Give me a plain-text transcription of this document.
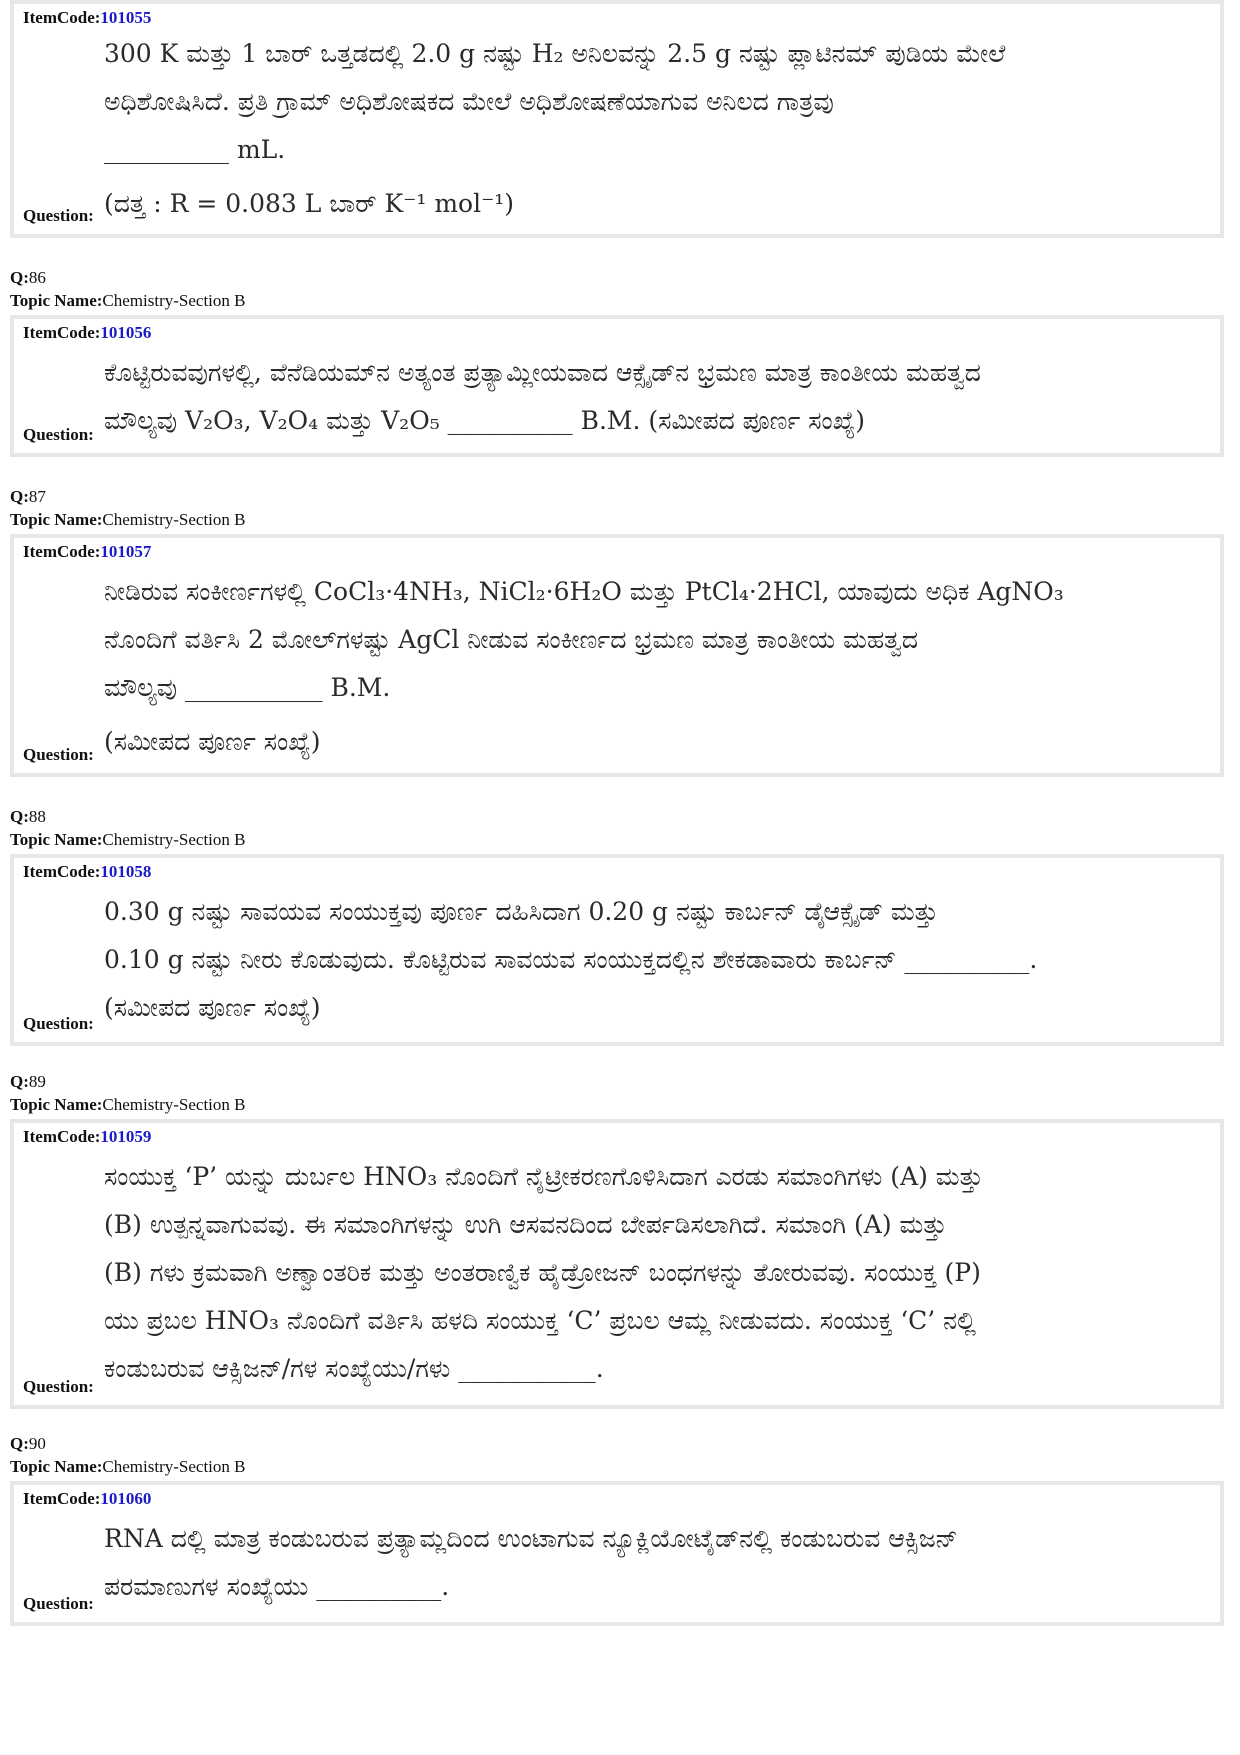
ItemCode:101055

300 K ಮತ್ತು 1 ಬಾರ್ ಒತ್ತಡದಲ್ಲಿ 2.0 g ನಷ್ಟು H₂ ಅನಿಲವನ್ನು 2.5 g ನಷ್ಟು ಪ್ಲಾಟಿನಮ್ ಪುಡಿಯ ಮೇಲೆ

ಅಧಿಶೋಷಿಸಿದೆ. ಪ್ರತಿ ಗ್ರಾಮ್ ಅಧಿಶೋಷಕದ ಮೇಲೆ ಅಧಿಶೋಷಣೆಯಾಗುವ ಅನಿಲದ ಗಾತ್ರವು

__________ mL.

(ದತ್ತ : R = 0.083 L ಬಾರ್ K⁻¹ mol⁻¹)

Question:
Q:86
Topic Name:Chemistry-Section B
ItemCode:101056

ಕೊಟ್ಟಿರುವವುಗಳಲ್ಲಿ, ವೆನೆಡಿಯಮ್‌ನ ಅತ್ಯಂತ ಪ್ರತ್ಯಾಮ್ಲೀಯವಾದ ಆಕ್ಸೈಡ್‌ನ ಭ್ರಮಣ ಮಾತ್ರ ಕಾಂತೀಯ ಮಹತ್ವದ

ಮೌಲ್ಯವು V₂O₃, V₂O₄ ಮತ್ತು V₂O₅ __________ B.M. (ಸಮೀಪದ ಪೂರ್ಣ ಸಂಖ್ಯೆ)

Question:
Q:87
Topic Name:Chemistry-Section B
ItemCode:101057

ನೀಡಿರುವ ಸಂಕೀರ್ಣಗಳಲ್ಲಿ CoCl₃·4NH₃, NiCl₂·6H₂O ಮತ್ತು PtCl₄·2HCl, ಯಾವುದು ಅಧಿಕ AgNO₃

ನೊಂದಿಗೆ ವರ್ತಿಸಿ 2 ಮೋಲ್‌ಗಳಷ್ಟು AgCl ನೀಡುವ ಸಂಕೀರ್ಣದ ಭ್ರಮಣ ಮಾತ್ರ ಕಾಂತೀಯ ಮಹತ್ವದ

ಮೌಲ್ಯವು ___________ B.M.

(ಸಮೀಪದ ಪೂರ್ಣ ಸಂಖ್ಯೆ)

Question:
Q:88
Topic Name:Chemistry-Section B
ItemCode:101058

0.30 g ನಷ್ಟು ಸಾವಯವ ಸಂಯುಕ್ತವು ಪೂರ್ಣ ದಹಿಸಿದಾಗ 0.20 g ನಷ್ಟು ಕಾರ್ಬನ್ ಡೈಆಕ್ಸೈಡ್ ಮತ್ತು

0.10 g ನಷ್ಟು ನೀರು ಕೊಡುವುದು. ಕೊಟ್ಟಿರುವ ಸಾವಯವ ಸಂಯುಕ್ತದಲ್ಲಿನ ಶೇಕಡಾವಾರು ಕಾರ್ಬನ್ __________.

(ಸಮೀಪದ ಪೂರ್ಣ ಸಂಖ್ಯೆ)

Question:
Q:89
Topic Name:Chemistry-Section B
ItemCode:101059

ಸಂಯುಕ್ತ ‘P’ ಯನ್ನು ದುರ್ಬಲ HNO₃ ನೊಂದಿಗೆ ನೈಟ್ರೀಕರಣಗೊಳಿಸಿದಾಗ ಎರಡು ಸಮಾಂಗಿಗಳು (A) ಮತ್ತು

(B) ಉತ್ಪನ್ನವಾಗುವವು. ಈ ಸಮಾಂಗಿಗಳನ್ನು ಉಗಿ ಆಸವನದಿಂದ ಬೇರ್ಪಡಿಸಲಾಗಿದೆ. ಸಮಾಂಗಿ (A) ಮತ್ತು

(B) ಗಳು ಕ್ರಮವಾಗಿ ಅಣ್ವಾಂತರಿಕ ಮತ್ತು ಅಂತರಾಣ್ವಿಕ ಹೈಡ್ರೋಜನ್ ಬಂಧಗಳನ್ನು ತೋರುವವು. ಸಂಯುಕ್ತ (P)

ಯು ಪ್ರಬಲ HNO₃ ನೊಂದಿಗೆ ವರ್ತಿಸಿ ಹಳದಿ ಸಂಯುಕ್ತ ‘C’ ಪ್ರಬಲ ಆಮ್ಲ ನೀಡುವದು. ಸಂಯುಕ್ತ ‘C’ ನಲ್ಲಿ

ಕಂಡುಬರುವ ಆಕ್ಸಿಜನ್/ಗಳ ಸಂಖ್ಯೆಯು/ಗಳು ___________.

Question:
Q:90
Topic Name:Chemistry-Section B
ItemCode:101060

RNA ದಲ್ಲಿ ಮಾತ್ರ ಕಂಡುಬರುವ ಪ್ರತ್ಯಾಮ್ಲದಿಂದ ಉಂಟಾಗುವ ನ್ಯೂಕ್ಲಿಯೋಟೈಡ್‌ನಲ್ಲಿ ಕಂಡುಬರುವ ಆಕ್ಸಿಜನ್

ಪರಮಾಣುಗಳ ಸಂಖ್ಯೆಯು __________.

Question:
